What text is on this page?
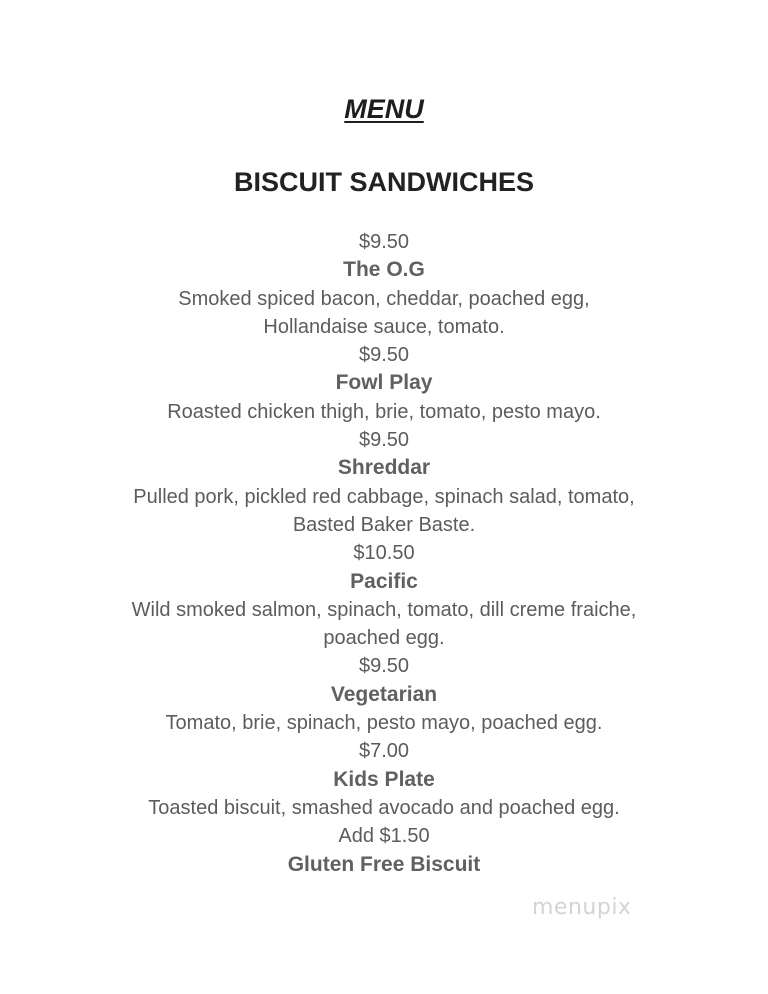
MENU
BISCUIT SANDWICHES
$9.50
The O.G
Smoked spiced bacon, cheddar, poached egg,
Hollandaise sauce, tomato.
$9.50
Fowl Play
Roasted chicken thigh, brie, tomato, pesto mayo.
$9.50
Shreddar
Pulled pork, pickled red cabbage, spinach salad, tomato,
Basted Baker Baste.
$10.50
Pacific
Wild smoked salmon, spinach, tomato, dill creme fraiche,
poached egg.
$9.50
Vegetarian
Tomato, brie, spinach, pesto mayo, poached egg.
$7.00
Kids Plate
Toasted biscuit, smashed avocado and poached egg.
Add $1.50
Gluten Free Biscuit
menupix
